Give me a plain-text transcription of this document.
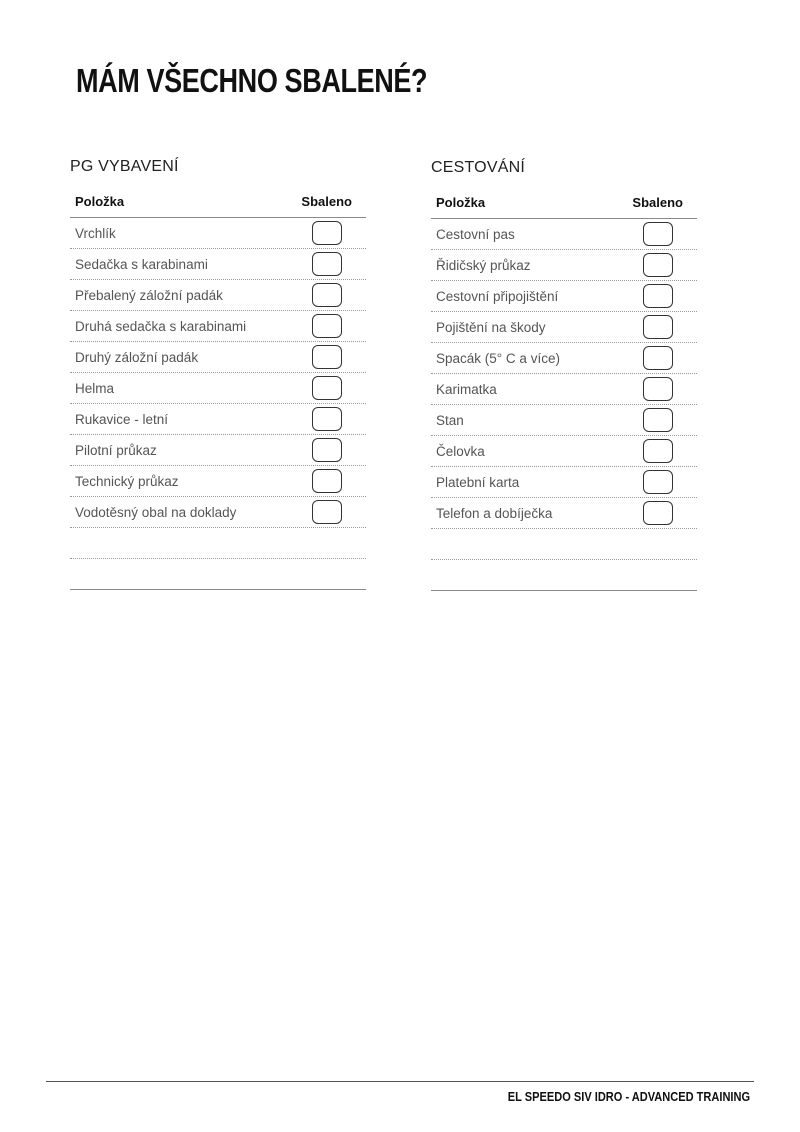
MÁM VŠECHNO SBALENÉ?
PG VYBAVENÍ
Položka	Sbaleno
Vrchlík
Sedačka s karabinami
Přebalený záložní padák
Druhá sedačka s karabinami
Druhý záložní padák
Helma
Rukavice - letní
Pilotní průkaz
Technický průkaz
Vodotěsný obal na doklady
CESTOVÁNÍ
Položka	Sbaleno
Cestovní pas
Řidičský průkaz
Cestovní připojištění
Pojištění na škody
Spacák (5° C a více)
Karimatka
Stan
Čelovka
Platební karta
Telefon a dobíječka
EL SPEEDO SIV IDRO - ADVANCED TRAINING
